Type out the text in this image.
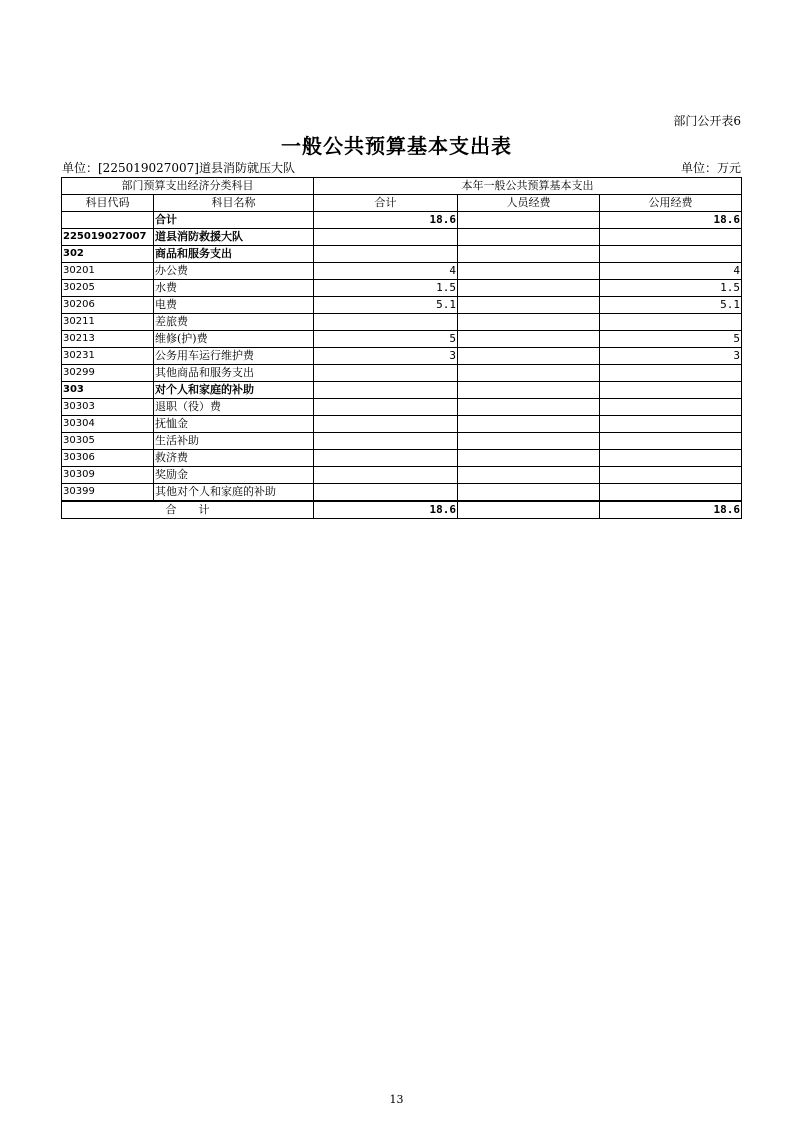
部门公开表6
一般公共预算基本支出表
单位：[225019027007]道县消防就压大队	单位：万元
部门预算支出经济分类科目		本年一般公共预算基本支出		
科目代码	科目名称	合计	人员经费	公用经费
	合计	18.6		18.6
225019027007	道县消防救援大队			
302	商品和服务支出			
30201	办公费	4		4
30205	水费	1.5		1.5
30206	电费	5.1		5.1
30211	差旅费			
30213	维修(护)费	5		5
30231	公务用车运行维护费	3		3
30299	其他商品和服务支出			
303	对个人和家庭的补助			
30303	退职（役）费			
30304	抚恤金			
30305	生活补助			
30306	救济费			
30309	奖励金			
30399	其他对个人和家庭的补助			
合　　计		18.6		18.6
13
